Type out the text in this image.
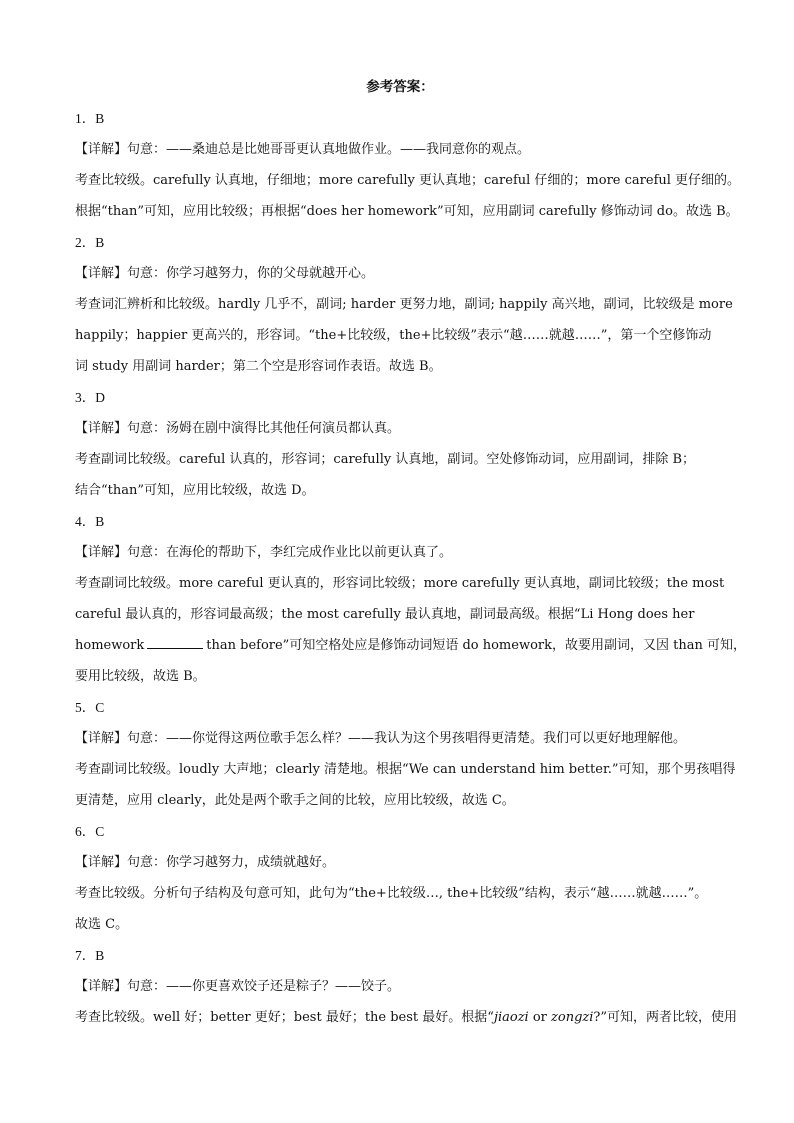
参考答案：
1．B
【详解】句意：——桑迪总是比她哥哥更认真地做作业。——我同意你的观点。
考查比较级。carefully 认真地，仔细地；more carefully 更认真地；careful 仔细的；more careful 更仔细的。
根据“than”可知，应用比较级；再根据“does her homework”可知，应用副词 carefully 修饰动词 do。故选 B。
2．B
【详解】句意：你学习越努力，你的父母就越开心。
考查词汇辨析和比较级。hardly 几乎不，副词; harder 更努力地，副词; happily 高兴地，副词，比较级是 more
happily；happier 更高兴的，形容词。“the+比较级，the+比较级”表示“越……就越……”，第一个空修饰动
词 study 用副词 harder；第二个空是形容词作表语。故选 B。
3．D
【详解】句意：汤姆在剧中演得比其他任何演员都认真。
考查副词比较级。careful 认真的，形容词；carefully 认真地，副词。空处修饰动词，应用副词，排除 B；
结合“than”可知，应用比较级，故选 D。
4．B
【详解】句意：在海伦的帮助下，李红完成作业比以前更认真了。
考查副词比较级。more careful 更认真的，形容词比较级；more carefully 更认真地，副词比较级；the most
careful 最认真的，形容词最高级；the most carefully 最认真地，副词最高级。根据“Li Hong does her
homework	than before”可知空格处应是修饰动词短语 do homework，故要用副词，又因 than 可知，
要用比较级，故选 B。
5．C
【详解】句意：——你觉得这两位歌手怎么样？——我认为这个男孩唱得更清楚。我们可以更好地理解他。
考查副词比较级。loudly 大声地；clearly 清楚地。根据“We can understand him better.”可知，那个男孩唱得
更清楚，应用 clearly，此处是两个歌手之间的比较，应用比较级，故选 C。
6．C
【详解】句意：你学习越努力，成绩就越好。
考查比较级。分析句子结构及句意可知，此句为“the+比较级…, the+比较级”结构，表示“越……就越……”。
故选 C。
7．B
【详解】句意：——你更喜欢饺子还是粽子？——饺子。
考查比较级。well 好；better 更好；best 最好；the best 最好。根据“jiaozi or zongzi?”可知，两者比较，使用
